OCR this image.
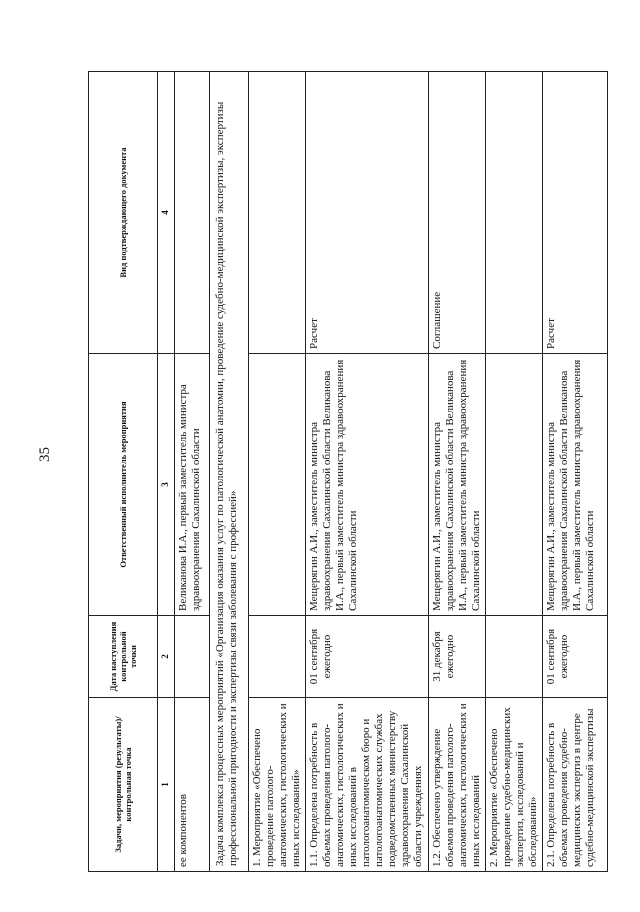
35
Задачи, мероприятия (результаты)/контрольная точка	Дата наступления контрольной точки	Ответственный исполнитель мероприятия	Вид подтверждающего документа
1	2	3	4
ее компонентов		Великанова И.А., первый заместитель министра здравоохранения Сахалинской области	
Задача комплекса процессных мероприятий «Организация оказания услуг по патологической анатомии, проведение судебно-медицинской экспертизы, экспертизы профессиональной пригодности и экспертизы связи заболевания с профессией»			
1. Мероприятие «Обеспечено проведение патолого-анатомических, гистологических и иных исследований»			
1.1. Определена потребность в объемах проведения патолого-анатомических, гистологических и иных исследований в патологоанатомическом бюро и патологоанатомических службах подведомственных министерству здравоохранения Сахалинской области учреждениях	01 сентября ежегодно	Мещерягин А.И., заместитель министра здравоохранения Сахалинской области Великанова И.А., первый заместитель министра здравоохранения Сахалинской области	Расчет
1.2. Обеспечено утверждение объемов проведения патолого-анатомических, гистологических и иных исследований	31 декабря ежегодно	Мещерягин А.И., заместитель министра здравоохранения Сахалинской области Великанова И.А., первый заместитель министра здравоохранения Сахалинской области	Соглашение
2. Мероприятие «Обеспечено проведение судебно-медицинских экспертиз, исследований и обследований»			
2.1. Определена потребность в объемах проведения судебно-медицинских экспертиз в центре судебно-медицинской экспертизы	01 сентября ежегодно	Мещерягин А.И., заместитель министра здравоохранения Сахалинской области Великанова И.А., первый заместитель министра здравоохранения Сахалинской области	Расчет
